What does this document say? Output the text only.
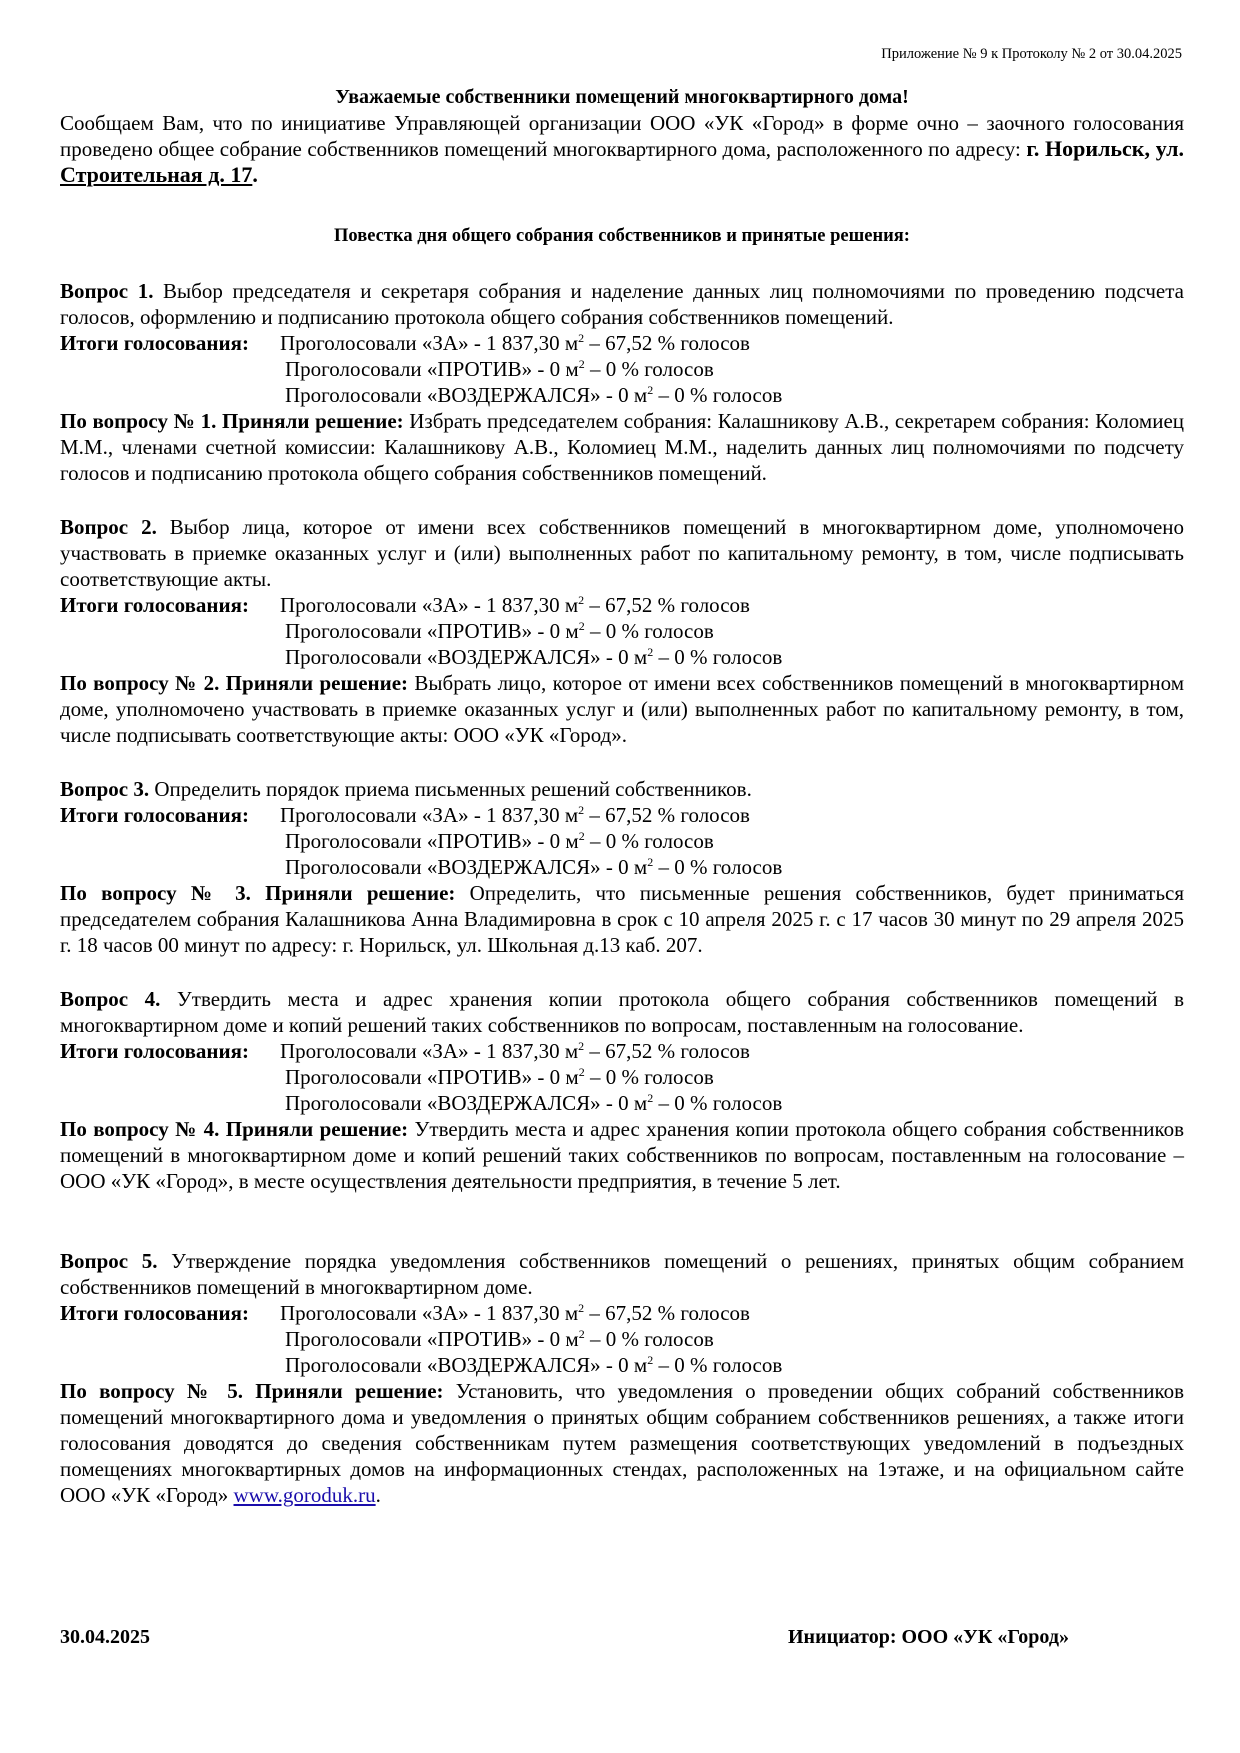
Приложение № 9 к Протоколу № 2 от 30.04.2025
Уважаемые собственники помещений многоквартирного дома!
Сообщаем Вам, что по инициативе Управляющей организации ООО «УК «Город» в форме очно – заочного голосования проведено общее собрание собственников помещений многоквартирного дома, расположенного по адресу: г. Норильск, ул. Строительная д. 17.
Повестка дня общего собрания собственников и принятые решения:
Вопрос 1. Выбор председателя и секретаря собрания и наделение данных лиц полномочиями по проведению подсчета голосов, оформлению и подписанию протокола общего собрания собственников помещений.
Итоги голосования: Проголосовали «ЗА» - 1 837,30 $м^2 - 67,52$ % голосов
Проголосовали «ПРОТИВ» - 0 $м^2 - 0$ % голосов
Проголосовали «ВОЗДЕРЖАЛСЯ» - 0 $м^2 - 0$ % голосов
По вопросу № 1. Приняли решение: Избрать председателем собрания: Калашникову А.В., секретарем собрания: Коломиец М.М., членами счетной комиссии: Калашникову А.В., Коломиец М.М., наделить данных лиц полномочиями по подсчету голосов и подписанию протокола общего собрания собственников помещений.
Вопрос 2. Выбор лица, которое от имени всех собственников помещений в многоквартирном доме, уполномочено участвовать в приемке оказанных услуг и (или) выполненных работ по капитальному ремонту, в том, числе подписывать соответствующие акты.
Итоги голосования: Проголосовали «ЗА» - 1 837,30 $м^2 - 67,52$ % голосов
Проголосовали «ПРОТИВ» - 0 $м^2 - 0$ % голосов
Проголосовали «ВОЗДЕРЖАЛСЯ» - 0 $м^2 - 0$ % голосов
По вопросу № 2. Приняли решение: Выбрать лицо, которое от имени всех собственников помещений в многоквартирном доме, уполномочено участвовать в приемке оказанных услуг и (или) выполненных работ по капитальному ремонту, в том, числе подписывать соответствующие акты: ООО «УК «Город».
Вопрос 3. Определить порядок приема письменных решений собственников.
Итоги голосования: Проголосовали «ЗА» - 1 837,30 $м^2 - 67,52$ % голосов
Проголосовали «ПРОТИВ» - 0 $м^2 - 0$ % голосов
Проголосовали «ВОЗДЕРЖАЛСЯ» - 0 $м^2 - 0$ % голосов
По вопросу № 3. Приняли решение: Определить, что письменные решения собственников, будет приниматься председателем собрания Калашникова Анна Владимировна в срок с 10 апреля 2025 г. с 17 часов 30 минут по 29 апреля 2025 г. 18 часов 00 минут по адресу: г. Норильск, ул. Школьная д.13 каб. 207.
Вопрос 4. Утвердить места и адрес хранения копии протокола общего собрания собственников помещений в многоквартирном доме и копий решений таких собственников по вопросам, поставленным на голосование.
Итоги голосования: Проголосовали «ЗА» - 1 837,30 $м^2 - 67,52$ % голосов
Проголосовали «ПРОТИВ» - 0 $м^2 - 0$ % голосов
Проголосовали «ВОЗДЕРЖАЛСЯ» - 0 $м^2 - 0$ % голосов
По вопросу № 4. Приняли решение: Утвердить места и адрес хранения копии протокола общего собрания собственников помещений в многоквартирном доме и копий решений таких собственников по вопросам, поставленным на голосование – ООО «УК «Город», в месте осуществления деятельности предприятия, в течение 5 лет.
Вопрос 5. Утверждение порядка уведомления собственников помещений о решениях, принятых общим собранием собственников помещений в многоквартирном доме.
Итоги голосования: Проголосовали «ЗА» - 1 837,30 $м^2 - 67,52$ % голосов
Проголосовали «ПРОТИВ» - 0 $м^2 - 0$ % голосов
Проголосовали «ВОЗДЕРЖАЛСЯ» - 0 $м^2 - 0$ % голосов
По вопросу № 5. Приняли решение: Установить, что уведомления о проведении общих собраний собственников помещений многоквартирного дома и уведомления о принятых общим собранием собственников решениях, а также итоги голосования доводятся до сведения собственникам путем размещения соответствующих уведомлений в подъездных помещениях многоквартирных домов на информационных стендах, расположенных на 1этаже, и на официальном сайте ООО «УК «Город» www.goroduk.ru.
30.04.2025	Инициатор: ООО «УК «Город»
